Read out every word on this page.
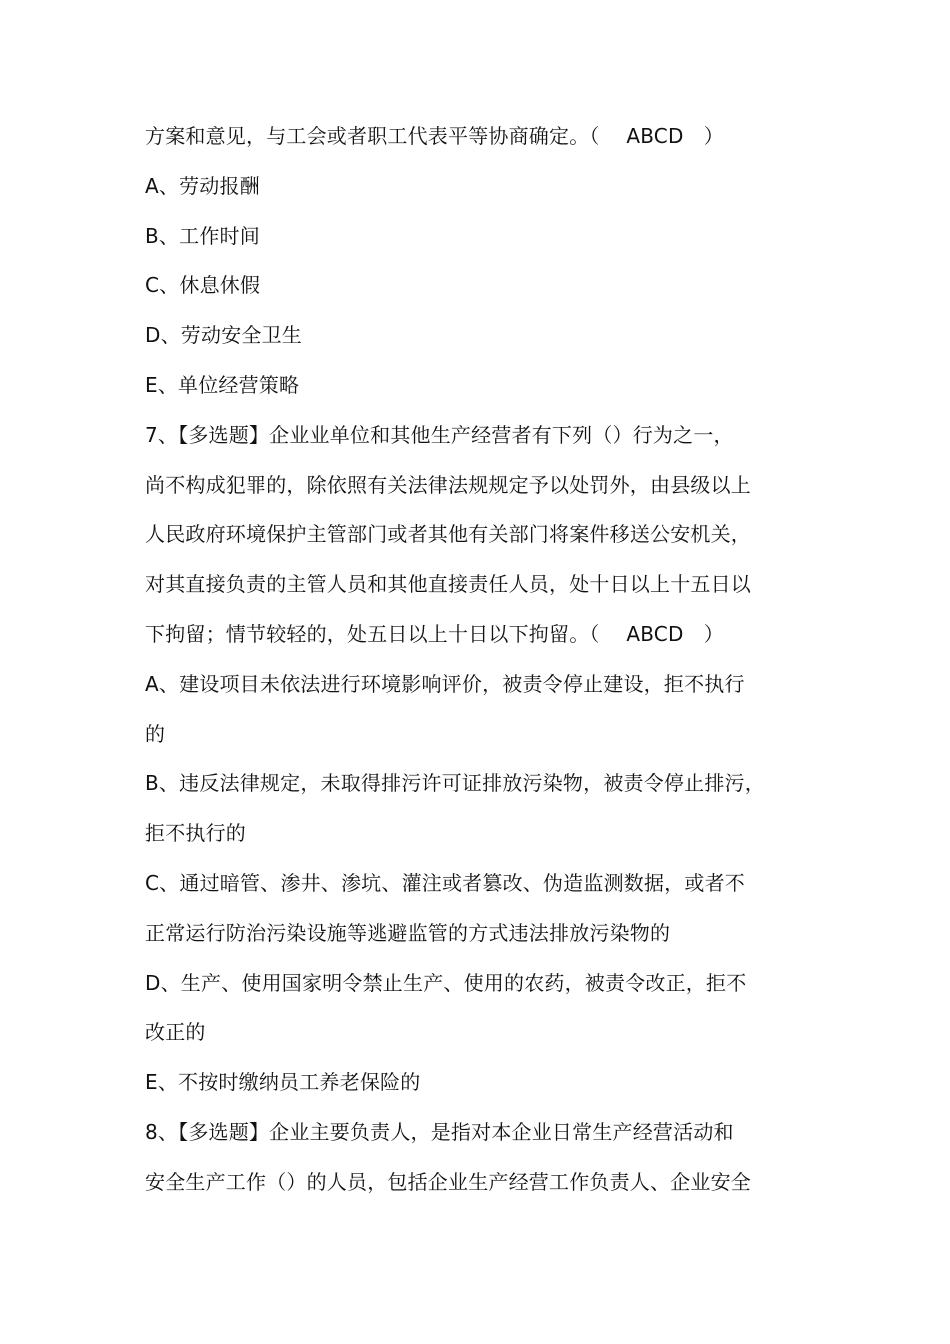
方案和意见，与工会或者职工代表平等协商确定。（　 ABCD　）
A、劳动报酬
B、工作时间
C、休息休假
D、劳动安全卫生
E、单位经营策略
7、【多选题】企业业单位和其他生产经营者有下列（）行为之一，
尚不构成犯罪的，除依照有关法律法规规定予以处罚外，由县级以上
人民政府环境保护主管部门或者其他有关部门将案件移送公安机关，
对其直接负责的主管人员和其他直接责任人员，处十日以上十五日以
下拘留；情节较轻的，处五日以上十日以下拘留。（　 ABCD　）
A、建设项目未依法进行环境影响评价，被责令停止建设，拒不执行
的
B、违反法律规定，未取得排污许可证排放污染物，被责令停止排污，
拒不执行的
C、通过暗管、渗井、渗坑、灌注或者篡改、伪造监测数据，或者不
正常运行防治污染设施等逃避监管的方式违法排放污染物的
D、生产、使用国家明令禁止生产、使用的农药，被责令改正，拒不
改正的
E、不按时缴纳员工养老保险的
8、【多选题】企业主要负责人，是指对本企业日常生产经营活动和
安全生产工作（）的人员，包括企业生产经营工作负责人、企业安全
